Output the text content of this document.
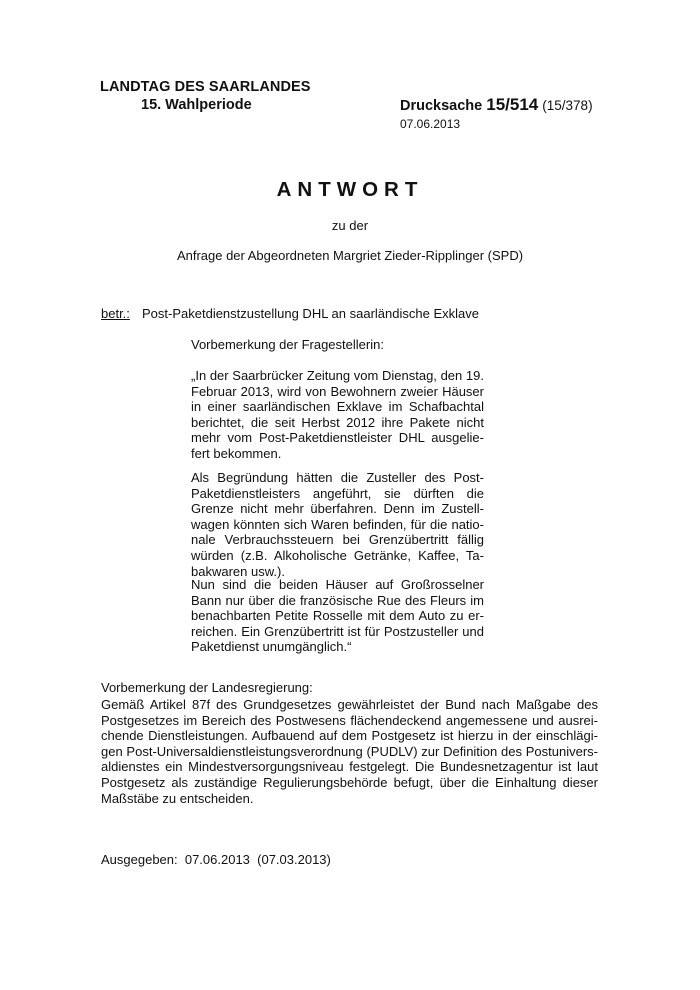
LANDTAG DES SAARLANDES
15. Wahlperiode	Drucksache 15/514 (15/378)
07.06.2013
ANTWORT
zu der
Anfrage der Abgeordneten Margriet Zieder-Ripplinger (SPD)
betr.: Post-Paketdienstzustellung DHL an saarländische Exklave
Vorbemerkung der Fragestellerin:
„In der Saarbrücker Zeitung vom Dienstag, den 19. Februar 2013, wird von Bewohnern zweier Häuser in einer saarländischen Exklave im Schafbachtal berichtet, die seit Herbst 2012 ihre Pakete nicht mehr vom Post-Paketdienstleister DHL ausgeliefert bekommen.
Als Begründung hätten die Zusteller des Post-Paketdienstleisters angeführt, sie dürften die Grenze nicht mehr überfahren. Denn im Zustellwagen könnten sich Waren befinden, für die nationale Verbrauchssteuern bei Grenzübertritt fällig würden (z.B. Alkoholische Getränke, Kaffee, Tabakwaren usw.).
Nun sind die beiden Häuser auf Großrosselner Bann nur über die französische Rue des Fleurs im benachbarten Petite Rosselle mit dem Auto zu erreichen. Ein Grenzübertritt ist für Postzusteller und Paketdienst unumgänglich.“
Vorbemerkung der Landesregierung:
Gemäß Artikel 87f des Grundgesetzes gewährleistet der Bund nach Maßgabe des Postgesetzes im Bereich des Postwesens flächendeckend angemessene und ausreichende Dienstleistungen. Aufbauend auf dem Postgesetz ist hierzu in der einschlägigen Post-Universaldienstleistungsverordnung (PUDLV) zur Definition des Postuniversaldienstes ein Mindestversorgungsniveau festgelegt. Die Bundesnetzagentur ist laut Postgesetz als zuständige Regulierungsbehörde befugt, über die Einhaltung dieser Maßstäbe zu entscheiden.
Ausgegeben:  07.06.2013  (07.03.2013)
